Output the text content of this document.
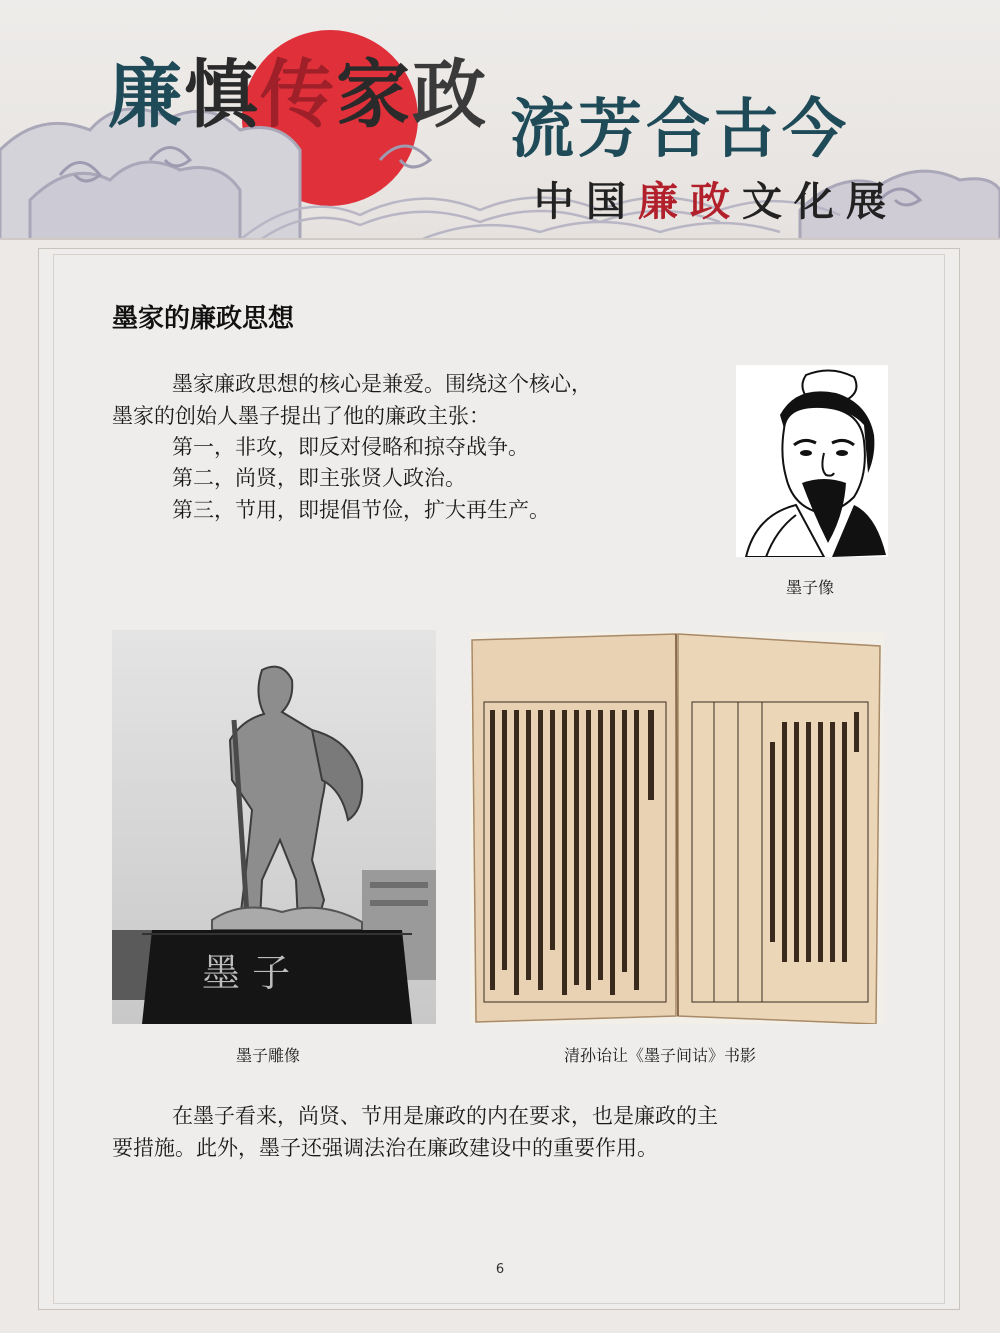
廉慎传家政 流芳合古今
中国廉政文化展
墨家的廉政思想
墨家廉政思想的核心是兼爱。围绕这个核心，
墨家的创始人墨子提出了他的廉政主张：
第一，非攻，即反对侵略和掠夺战争。
第二，尚贤，即主张贤人政治。
第三，节用，即提倡节俭，扩大再生产。
墨子像
墨 子
墨子雕像	清孙诒让《墨子间诂》书影
在墨子看来，尚贤、节用是廉政的内在要求，也是廉政的主
要措施。此外，墨子还强调法治在廉政建设中的重要作用。
6
